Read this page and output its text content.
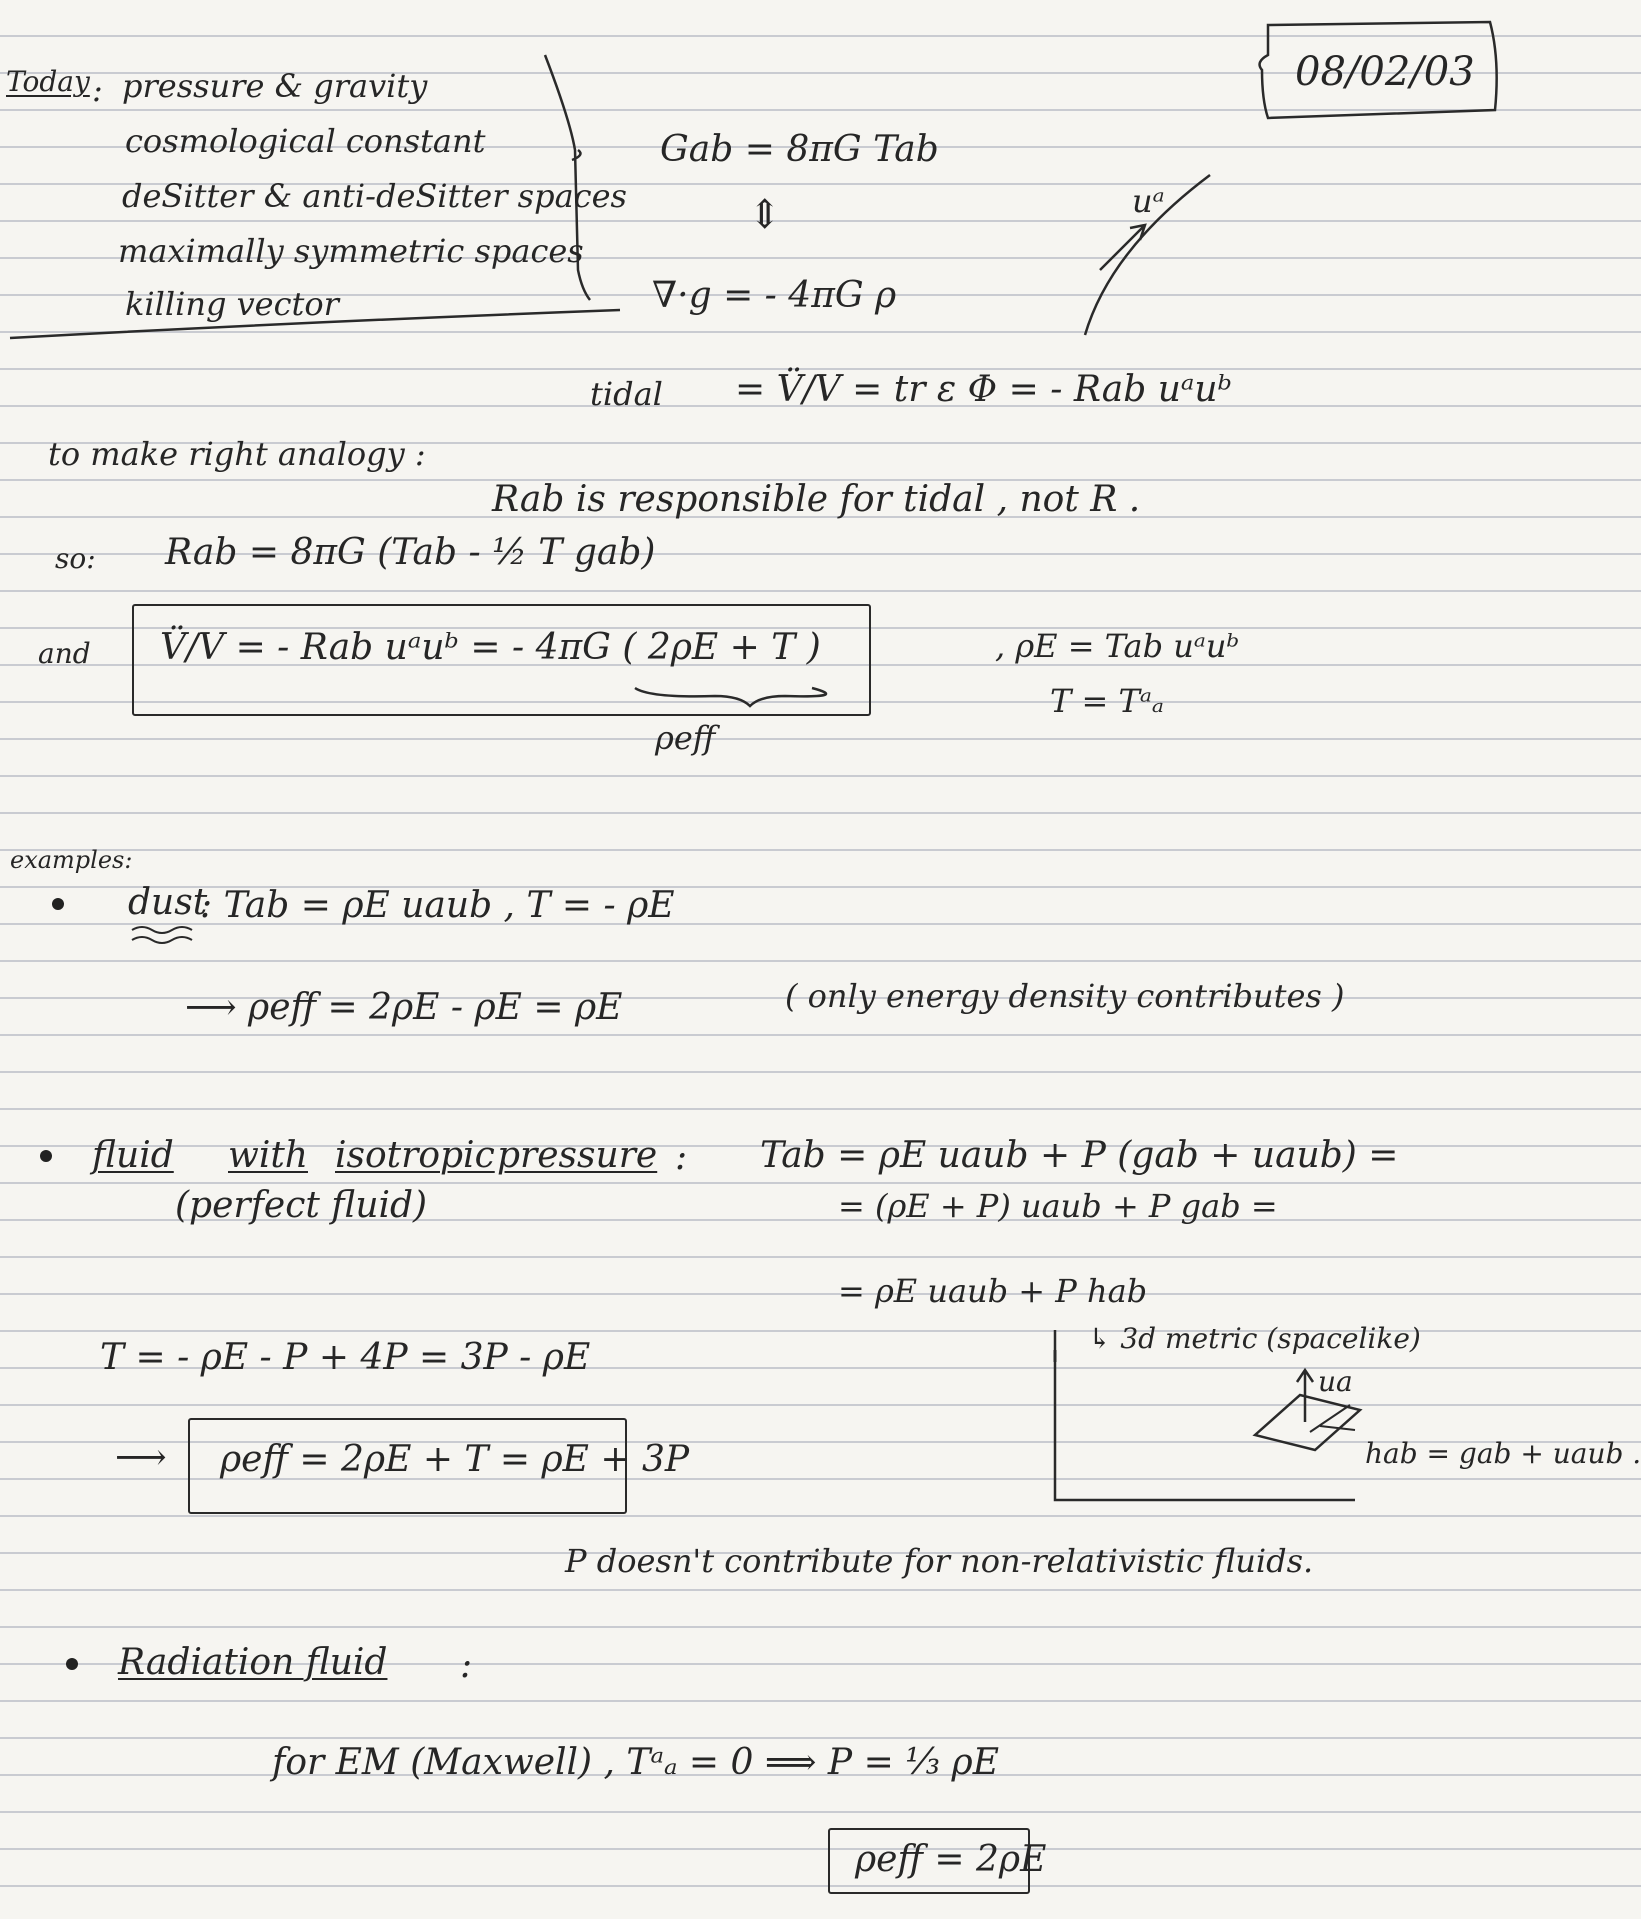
08/02/03
Today : pressure & gravity
cosmological constant
deSitter & anti-deSitter spaces
maximally symmetric spaces
killing vector
Gab = 8πG Tab
⇕
∇·g = - 4πG ρ
uᵃ
tidal = V̈/V = tr ε Φ = - Rab uᵃuᵇ
to make right analogy :
Rab is responsible for tidal , not R .
so: Rab = 8πG (Tab - ½ T gab)
and V̈/V = - Rab uᵃuᵇ = - 4πG ( 2ρE + T )
ρeff
, ρE = Tab uᵃuᵇ
T = Tᵃₐ
examples:
dust
: Tab = ρE uaub , T = - ρE
⟶ ρeff = 2ρE - ρE = ρE	( only energy density contributes )
fluid with isotropic pressure :
(perfect fluid)
Tab = ρE uaub + P (gab + uaub) =
= (ρE + P) uaub + P gab =
= ρE uaub + P hab
↳ 3d metric (spacelike)
ua
hab = gab + uaub .
T = - ρE - P + 4P = 3P - ρE
⟶ ρeff = 2ρE + T = ρE + 3P
P doesn't contribute for non-relativistic fluids.
Radiation fluid :
for EM (Maxwell) , Tᵃₐ = 0 ⟹ P = ⅓ ρE
ρeff = 2ρE
